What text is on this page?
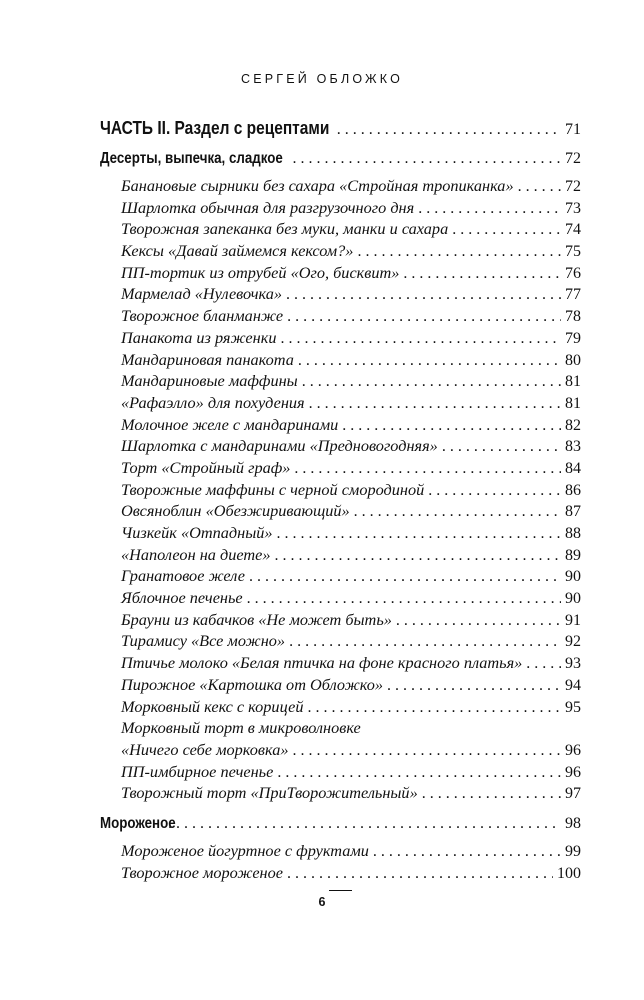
СЕРГЕЙ ОБЛОЖКО
ЧАСТЬ II. Раздел с рецептами . . .	71
Десерты, выпечка, сладкое . . .	72
Банановые сырники без сахара «Стройная тропиканка» . . .	72
Шарлотка обычная для разгрузочного дня . . .	73
Творожная запеканка без муки, манки и сахара . . .	74
Кексы «Давай займемся кексом?» . . .	75
ПП-тортик из отрубей «Ого, бисквит» . . .	76
Мармелад «Нулевочка» . . .	77
Творожное бланманже . . .	78
Панакота из ряженки . . .	79
Мандариновая панакота . . .	80
Мандариновые маффины . . .	81
«Рафаэлло» для похудения . . .	81
Молочное желе с мандаринами . . .	82
Шарлотка с мандаринами «Предновогодняя» . . .	83
Торт «Стройный граф» . . .	84
Творожные маффины с черной смородиной . . .	86
Овсяноблин «Обезжиривающий» . . .	87
Чизкейк «Отпадный» . . .	88
«Наполеон на диете» . . .	89
Гранатовое желе . . .	90
Яблочное печенье . . .	90
Брауни из кабачков «Не может быть» . . .	91
Тирамису «Все можно» . . .	92
Птичье молоко «Белая птичка на фоне красного платья» . . .	93
Пирожное «Картошка от Обложко» . . .	94
Морковный кекс с корицей . . .	95
Морковный торт в микроволновке
«Ничего себе морковка» . . .	96
ПП-имбирное печенье . . .	96
Творожный торт «ПриТворожительный» . . .	97
Мороженое . . .	98
Мороженое йогуртное с фруктами . . .	99
Творожное мороженое . . .	100
6
